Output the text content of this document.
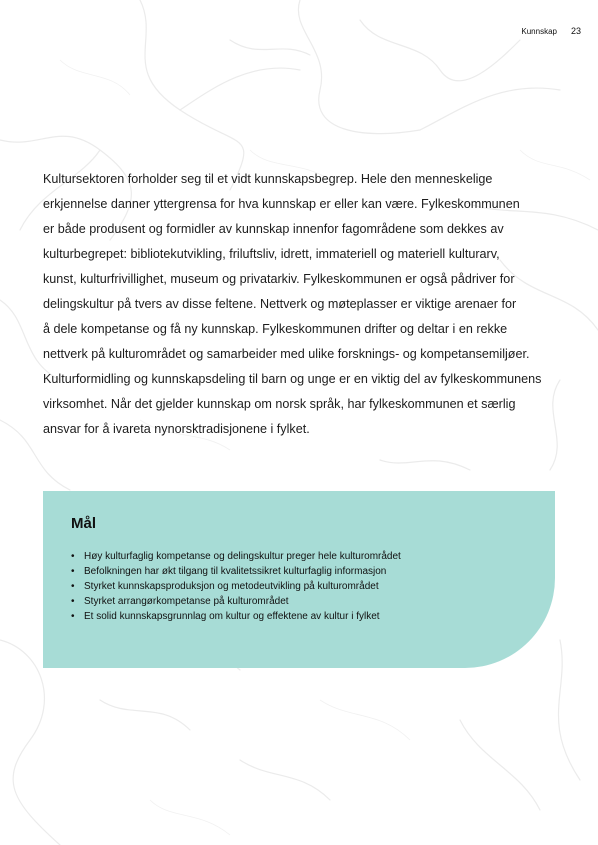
Kunnskap 23

Kultursektoren forholder seg til et vidt kunnskapsbegrep. Hele den menneskelige
erkjennelse danner yttergrensa for hva kunnskap er eller kan være. Fylkeskommunen
er både produsent og formidler av kunnskap innenfor fagområdene som dekkes av
kulturbegrepet: bibliotekutvikling, friluftsliv, idrett, immateriell og materiell kulturarv,
kunst, kulturfrivillighet, museum og privatarkiv. Fylkeskommunen er også pådriver for
delingskultur på tvers av disse feltene. Nettverk og møteplasser er viktige arenaer for
å dele kompetanse og få ny kunnskap. Fylkeskommunen drifter og deltar i en rekke
nettverk på kulturområdet og samarbeider med ulike forsknings- og kompetansemiljøer.
Kulturformidling og kunnskapsdeling til barn og unge er en viktig del av fylkeskommunens
virksomhet. Når det gjelder kunnskap om norsk språk, har fylkeskommunen et særlig
ansvar for å ivareta nynorsktradisjonene i fylket.

Mål
• Høy kulturfaglig kompetanse og delingskultur preger hele kulturområdet
• Befolkningen har økt tilgang til kvalitetssikret kulturfaglig informasjon
• Styrket kunnskapsproduksjon og metodeutvikling på kulturområdet
• Styrket arrangørkompetanse på kulturområdet
• Et solid kunnskapsgrunnlag om kultur og effektene av kultur i fylket
